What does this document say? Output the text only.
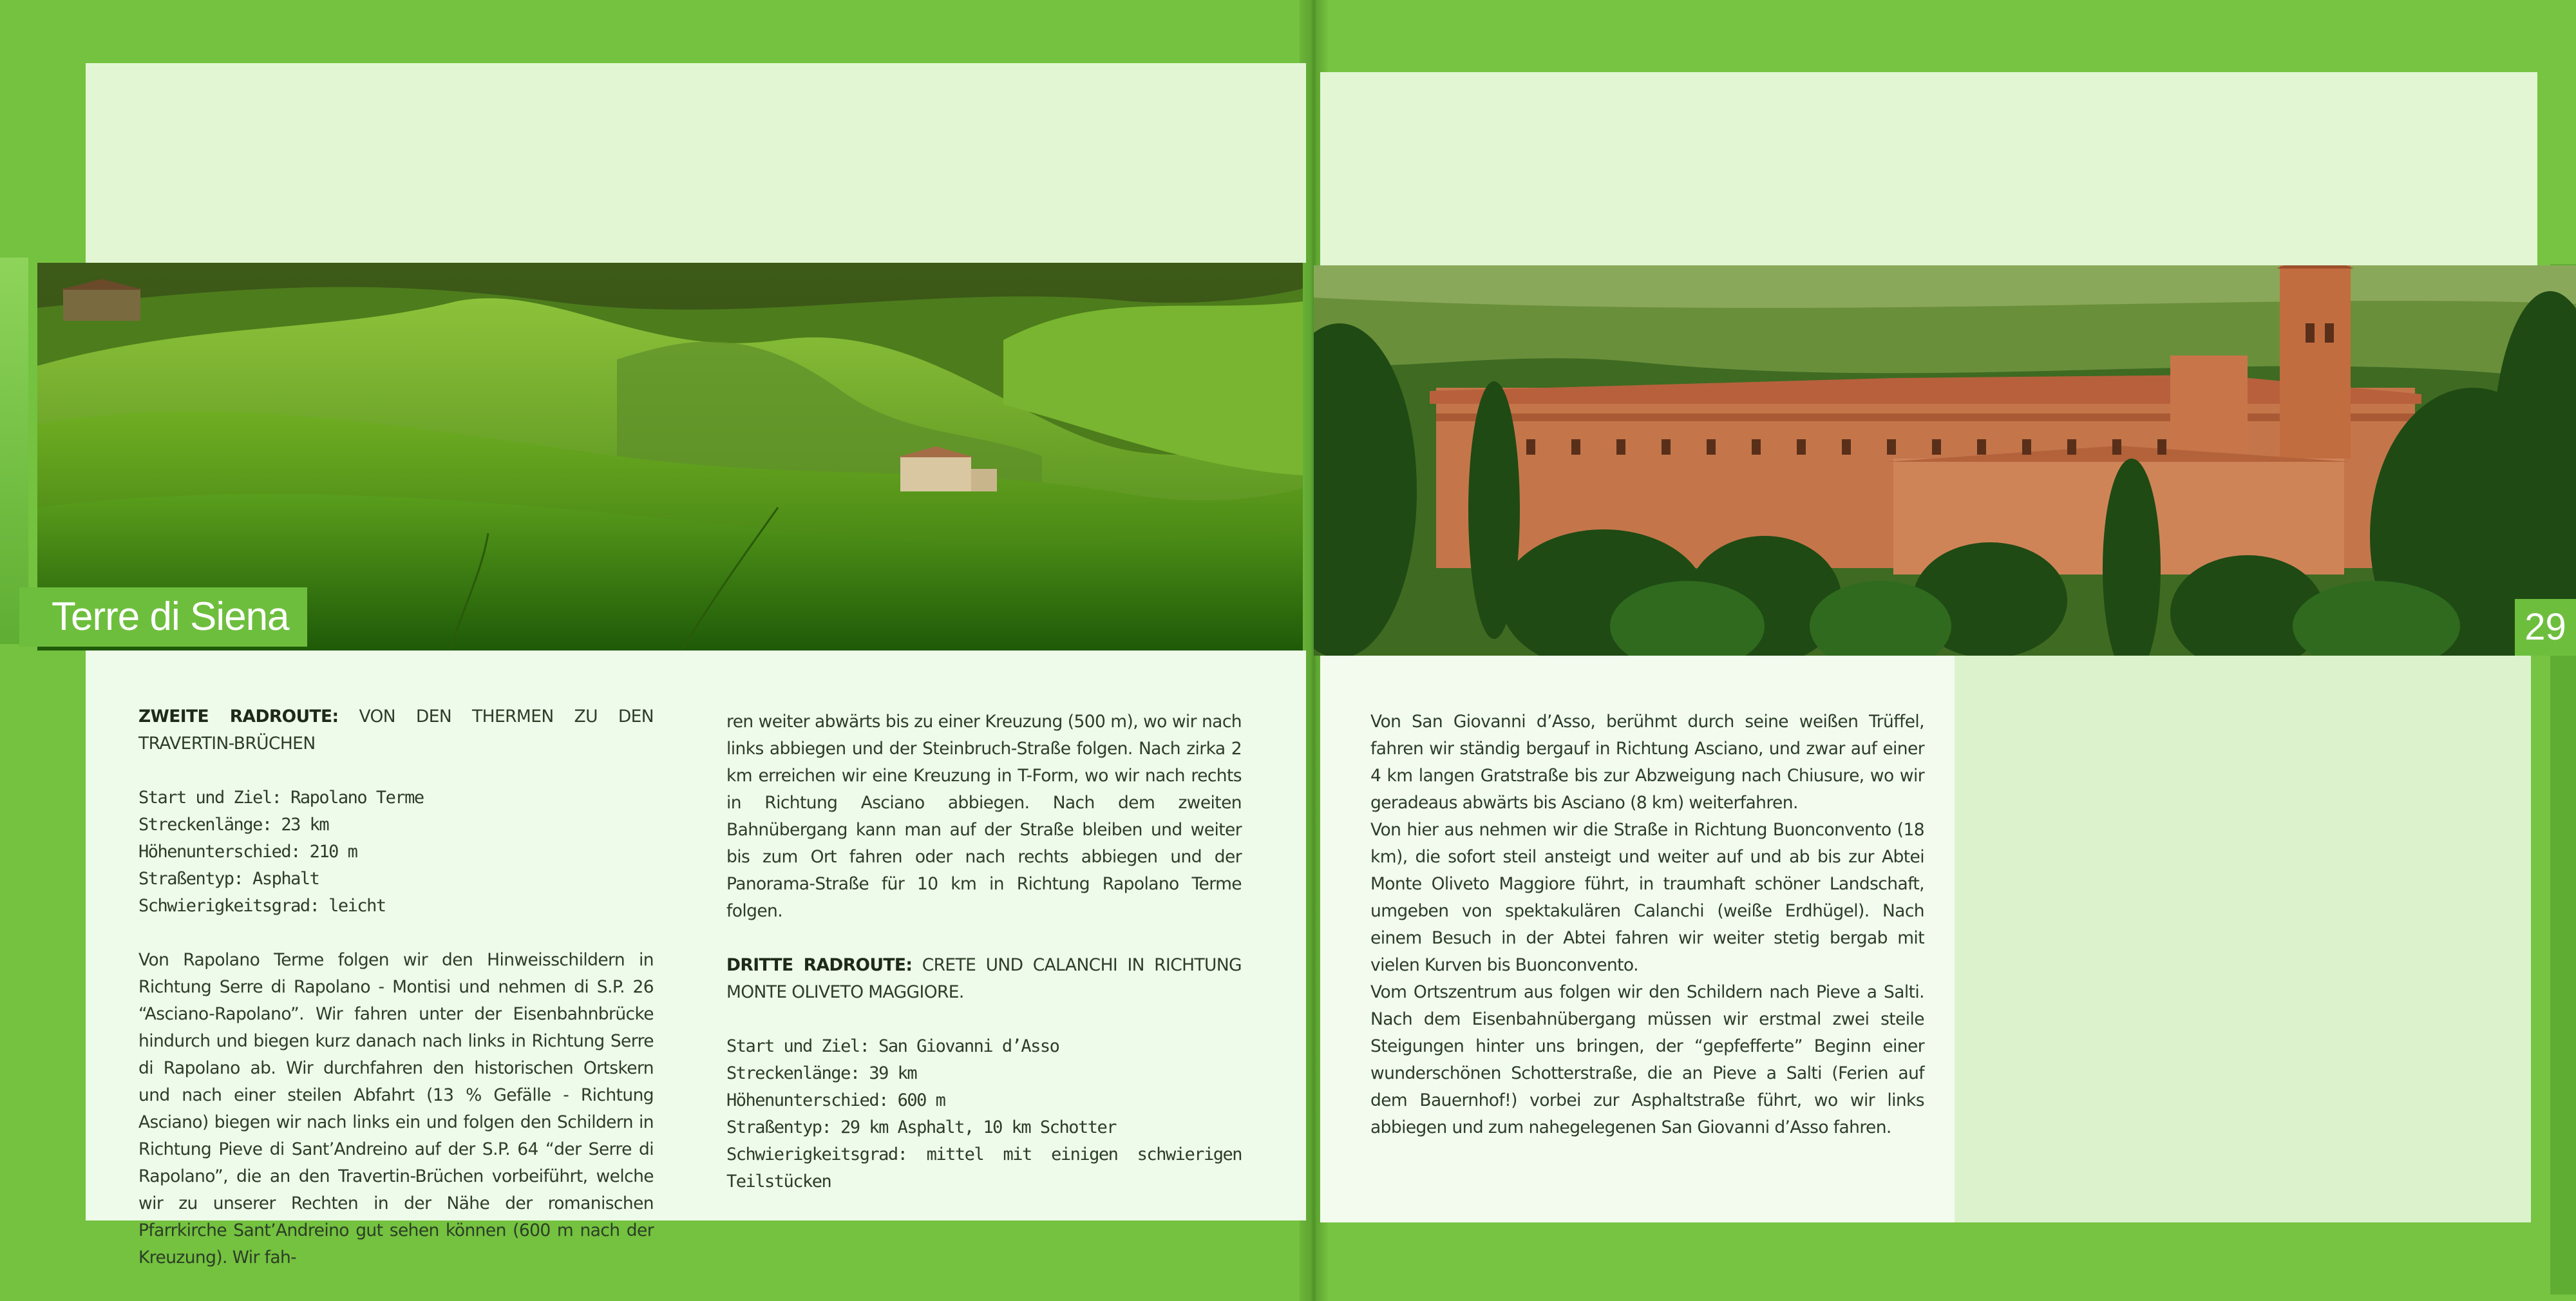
Terre di Siena	29

ZWEITE RADROUTE: VON DEN THERMEN ZU DEN TRAVERTIN-BRÜCHEN

Start und Ziel: Rapolano Terme
Streckenlänge: 23 km
Höhenunterschied: 210 m
Straßentyp: Asphalt
Schwierigkeitsgrad: leicht

Von Rapolano Terme folgen wir den Hinweisschildern in Richtung Serre di Rapolano - Montisi und nehmen di S.P. 26 “Asciano-Rapolano”. Wir fahren unter der Eisenbahnbrücke hindurch und biegen kurz danach nach links in Richtung Serre di Rapolano ab. Wir durchfahren den historischen Ortskern und nach einer steilen Abfahrt (13 % Gefälle - Richtung Asciano) biegen wir nach links ein und folgen den Schildern in Richtung Pieve di Sant’Andreino auf der S.P. 64 “der Serre di Rapolano”, die an den Travertin-Brüchen vorbeiführt, welche wir zu unserer Rechten in der Nähe der romanischen Pfarrkirche Sant’Andreino gut sehen können (600 m nach der Kreuzung). Wir fah-

ren weiter abwärts bis zu einer Kreuzung (500 m), wo wir nach links abbiegen und der Steinbruch-Straße folgen. Nach zirka 2 km erreichen wir eine Kreuzung in T-Form, wo wir nach rechts in Richtung Asciano abbiegen. Nach dem zweiten Bahnübergang kann man auf der Straße bleiben und weiter bis zum Ort fahren oder nach rechts abbiegen und der Panorama-Straße für 10 km in Richtung Rapolano Terme folgen.

DRITTE RADROUTE: CRETE UND CALANCHI IN RICHTUNG MONTE OLIVETO MAGGIORE.

Start und Ziel: San Giovanni d’Asso
Streckenlänge: 39 km
Höhenunterschied: 600 m
Straßentyp: 29 km Asphalt, 10 km Schotter
Schwierigkeitsgrad: mittel mit einigen schwierigen Teilstücken

Von San Giovanni d’Asso, berühmt durch seine weißen Trüffel, fahren wir ständig bergauf in Richtung Asciano, und zwar auf einer 4 km langen Gratstraße bis zur Abzweigung nach Chiusure, wo wir geradeaus abwärts bis Asciano (8 km) weiterfahren.

Von hier aus nehmen wir die Straße in Richtung Buonconvento (18 km), die sofort steil ansteigt und weiter auf und ab bis zur Abtei Monte Oliveto Maggiore führt, in traumhaft schöner Landschaft, umgeben von spektakulären Calanchi (weiße Erdhügel). Nach einem Besuch in der Abtei fahren wir weiter stetig bergab mit vielen Kurven bis Buonconvento.

Vom Ortszentrum aus folgen wir den Schildern nach Pieve a Salti. Nach dem Eisenbahnübergang müssen wir erstmal zwei steile Steigungen hinter uns bringen, der “gepfefferte” Beginn einer wunderschönen Schotterstraße, die an Pieve a Salti (Ferien auf dem Bauernhof!) vorbei zur Asphaltstraße führt, wo wir links abbiegen und zum nahegelegenen San Giovanni d’Asso fahren.
